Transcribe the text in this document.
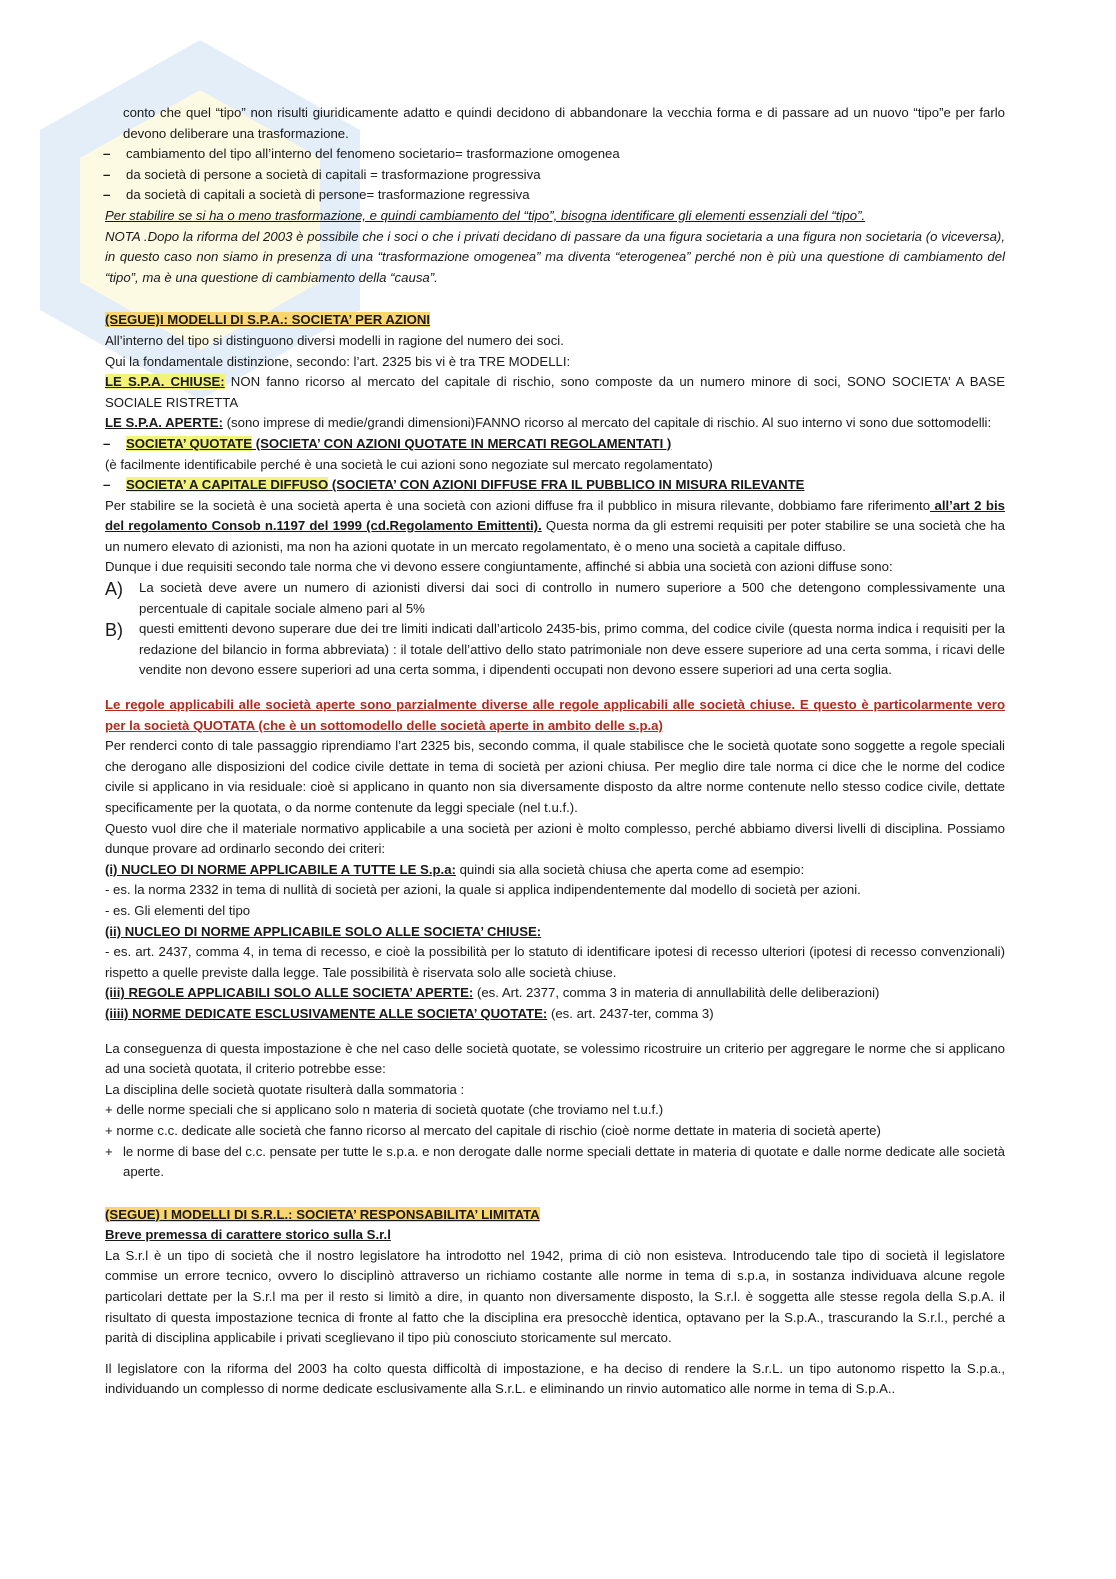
conto che quel “tipo” non risulti giuridicamente adatto e quindi decidono di abbandonare la vecchia forma e di passare ad un nuovo “tipo”e per farlo devono deliberare una trasformazione.

–	cambiamento del tipo all’interno del fenomeno societario= trasformazione omogenea
–	da società di persone a società di capitali = trasformazione progressiva
–	da società di capitali a società di persone= trasformazione regressiva

Per stabilire se si ha o meno trasformazione, e quindi cambiamento del “tipo”, bisogna identificare gli elementi essenziali del “tipo”.

NOTA .Dopo la riforma del 2003 è possibile che i soci o che i privati decidano di passare da una figura societaria a una figura non societaria (o viceversa), in questo caso non siamo in presenza di una “trasformazione omogenea” ma diventa “eterogenea” perché non è più una questione di cambiamento del “tipo”, ma è una questione di cambiamento della “causa”.

(SEGUE)I MODELLI DI S.P.A.: SOCIETA’ PER AZIONI

All’interno del tipo si distinguono diversi modelli in ragione del numero dei soci.

Qui la fondamentale distinzione, secondo: l’art. 2325 bis vi è tra TRE MODELLI:

LE S.P.A. CHIUSE: NON fanno ricorso al mercato del capitale di rischio, sono composte da un numero minore di soci, SONO SOCIETA’ A BASE SOCIALE RISTRETTA

LE S.P.A. APERTE: (sono imprese di medie/grandi dimensioni)FANNO ricorso al mercato del capitale di rischio. Al suo interno vi sono due sottomodelli:

–	SOCIETA’ QUOTATE (SOCIETA’ CON AZIONI QUOTATE IN MERCATI REGOLAMENTATI )

(è facilmente identificabile perché è una società le cui azioni sono negoziate sul mercato regolamentato)

–	SOCIETA’ A CAPITALE DIFFUSO (SOCIETA’ CON AZIONI DIFFUSE FRA IL PUBBLICO IN MISURA RILEVANTE

Per stabilire se la società è una società aperta è una società con azioni diffuse fra il pubblico in misura rilevante, dobbiamo fare riferimento all’art 2 bis del regolamento Consob n.1197 del 1999 (cd.Regolamento Emittenti). Questa norma da gli estremi requisiti per poter stabilire se una società che ha un numero elevato di azionisti, ma non ha azioni quotate in un mercato regolamentato, è o meno una società a capitale diffuso.

Dunque i due requisiti secondo tale norma che vi devono essere congiuntamente, affinché si abbia una società con azioni diffuse sono:

A)	La società deve avere un numero di azionisti diversi dai soci di controllo in numero superiore a 500 che detengono complessivamente una percentuale di capitale sociale almeno pari al 5%

B)	questi emittenti devono superare due dei tre limiti indicati dall’articolo 2435-bis, primo comma, del codice civile (questa norma indica i requisiti per la redazione del bilancio in forma abbreviata) : il totale dell’attivo dello stato patrimoniale non deve essere superiore ad una certa somma, i ricavi delle vendite non devono essere superiori ad una certa somma, i dipendenti occupati non devono essere superiori ad una certa soglia.

Le regole applicabili alle società aperte sono parzialmente diverse alle regole applicabili alle società chiuse. E questo è particolarmente vero per la società QUOTATA (che è un sottomodello delle società aperte in ambito delle s.p.a)

Per renderci conto di tale passaggio riprendiamo l’art 2325 bis, secondo comma, il quale stabilisce che le società quotate sono soggette a regole speciali che derogano alle disposizioni del codice civile dettate in tema di società per azioni chiusa. Per meglio dire tale norma ci dice che le norme del codice civile si applicano in via residuale: cioè si applicano in quanto non sia diversamente disposto da altre norme contenute nello stesso codice civile, dettate specificamente per la quotata, o da norme contenute da leggi speciale (nel t.u.f.).

Questo vuol dire che il materiale normativo applicabile a una società per azioni è molto complesso, perché abbiamo diversi livelli di disciplina. Possiamo dunque provare ad ordinarlo secondo dei criteri:

(i) NUCLEO DI NORME APPLICABILE A TUTTE LE S.p.a: quindi sia alla società chiusa che aperta come ad esempio:

- es. la norma 2332 in tema di nullità di società per azioni, la quale si applica indipendentemente dal modello di società per azioni.

- es. Gli elementi del tipo

(ii) NUCLEO DI NORME APPLICABILE SOLO ALLE SOCIETA’ CHIUSE:

- es. art. 2437, comma 4, in tema di recesso, e cioè la possibilità per lo statuto di identificare ipotesi di recesso ulteriori (ipotesi di recesso convenzionali) rispetto a quelle previste dalla legge. Tale possibilità è riservata solo alle società chiuse.

(iii) REGOLE APPLICABILI SOLO ALLE SOCIETA’ APERTE: (es. Art. 2377, comma 3 in materia di annullabilità delle deliberazioni)

(iiii) NORME DEDICATE ESCLUSIVAMENTE ALLE SOCIETA’ QUOTATE: (es. art. 2437-ter, comma 3)

La conseguenza di questa impostazione è che nel caso delle società quotate, se volessimo ricostruire un criterio per aggregare le norme che si applicano ad una società quotata, il criterio potrebbe esse:

La disciplina delle società quotate risulterà dalla sommatoria :

+ delle norme speciali che si applicano solo n materia di società quotate (che troviamo nel t.u.f.)

+ norme c.c. dedicate alle società che fanno ricorso al mercato del capitale di rischio (cioè norme dettate in materia di società aperte)

+ le norme di base del c.c. pensate per tutte le s.p.a. e non derogate dalle norme speciali dettate in materia di quotate e dalle norme dedicate alle società aperte.

(SEGUE) I MODELLI DI S.R.L.: SOCIETA’ RESPONSABILITA’ LIMITATA

Breve premessa di carattere storico sulla S.r.l

La S.r.l è un tipo di società che il nostro legislatore ha introdotto nel 1942, prima di ciò non esisteva. Introducendo tale tipo di società il legislatore commise un errore tecnico, ovvero lo disciplinò attraverso un richiamo costante alle norme in tema di s.p.a, in sostanza individuava alcune regole particolari dettate per la S.r.l ma per il resto si limitò a dire, in quanto non diversamente disposto, la S.r.l. è soggetta alle stesse regola della S.p.A. il risultato di questa impostazione tecnica di fronte al fatto che la disciplina era presocchè identica, optavano per la S.p.A., trascurando la S.r.l., perché a parità di disciplina applicabile i privati sceglievano il tipo più conosciuto storicamente sul mercato.

Il legislatore con la riforma del 2003 ha colto questa difficoltà di impostazione, e ha deciso di rendere la S.r.L. un tipo autonomo rispetto la S.p.a., individuando un complesso di norme dedicate esclusivamente alla S.r.L. e eliminando un rinvio automatico alle norme in tema di S.p.A..
